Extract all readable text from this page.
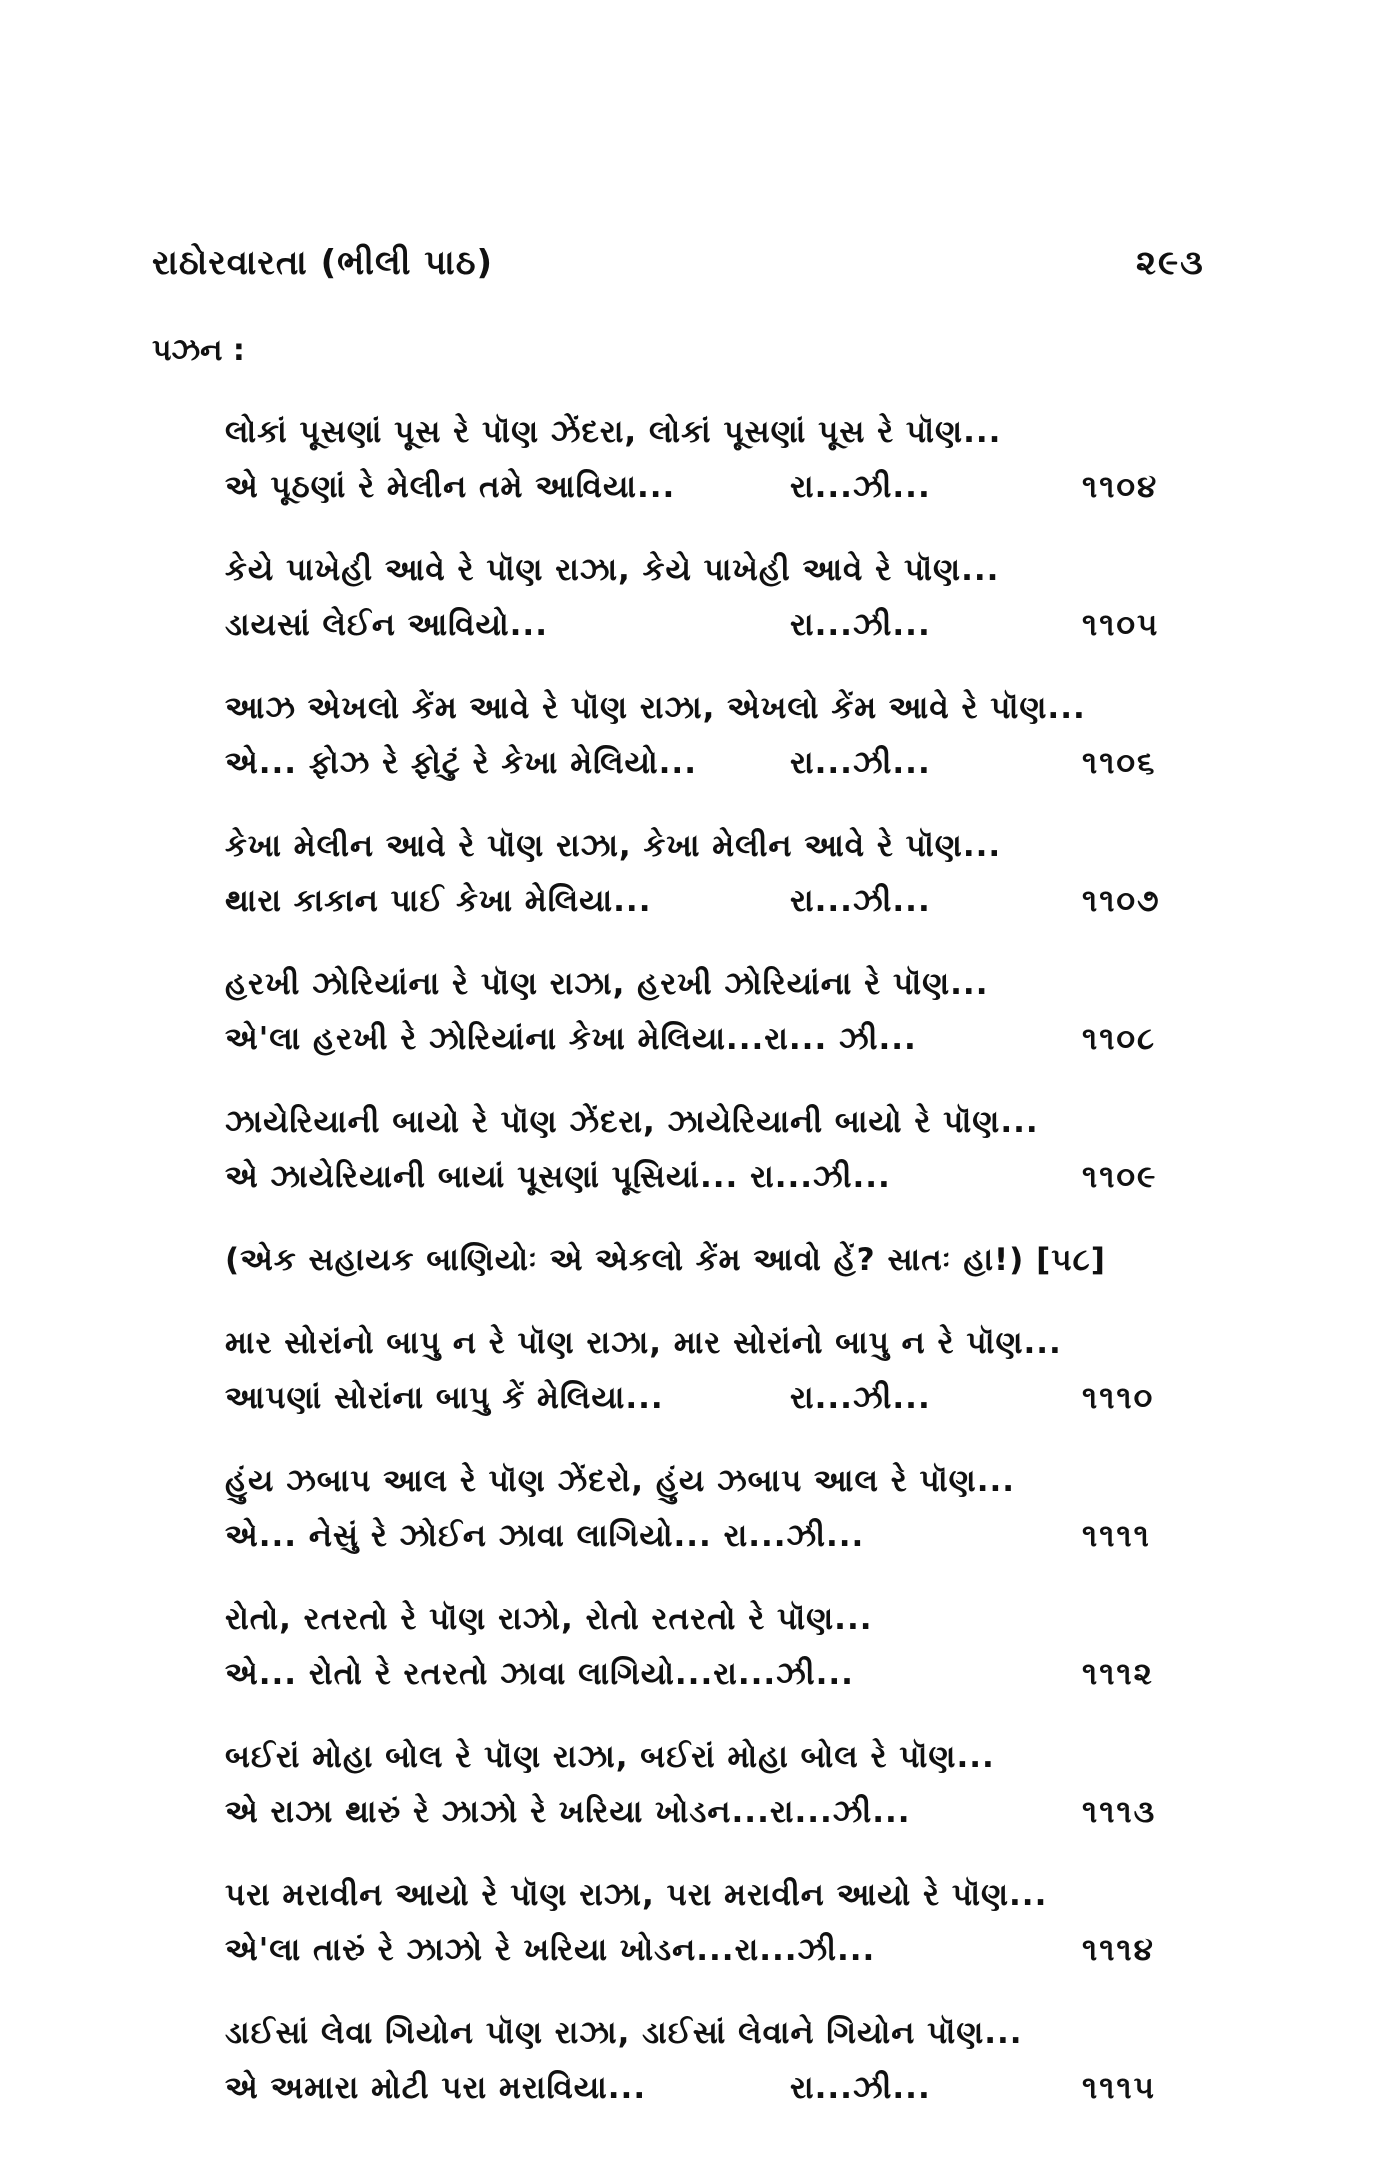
રાઠોરવારતા (ભીલી પાઠ)	૨૯૩
પઝન :
લોકાં પૂસણાં પૂસ રે પૉણ ઝેંદરા, લોકાં પૂસણાં પૂસ રે પૉણ...
એ પૂઠણાં રે મેલીન તમે આવિયા...	રા...ઝી...	૧૧૦૪
કેયે પાખેહી આવે રે પૉણ રાઝા, કેયે પાખેહી આવે રે પૉણ...
ડાયસાં લેઈન આવિયો...	રા...ઝી...	૧૧૦૫
આઝ એખલો કેંમ આવે રે પૉણ રાઝા, એખલો કેંમ આવે રે પૉણ...
એ... ફોઝ રે ફોટું રે કેખા મેલિયો...	રા...ઝી...	૧૧૦૬
કેખા મેલીન આવે રે પૉણ રાઝા, કેખા મેલીન આવે રે પૉણ...
થારા કાકાન પાઈ કેખા મેલિયા...	રા...ઝી...	૧૧૦૭
હરખી ઝોરિયાંના રે પૉણ રાઝા, હરખી ઝોરિયાંના રે પૉણ...
એ'લા હરખી રે ઝોરિયાંના કેખા મેલિયા...રા... ઝી...	૧૧૦૮
ઝાયેરિયાની બાયો રે પૉણ ઝેંદરા, ઝાયેરિયાની બાયો રે પૉણ...
એ ઝાયેરિયાની બાયાં પૂસણાં પૂસિયાં... રા...ઝી...	૧૧૦૯
(એક સહાયક બાણિયોઃ એ એકલો કેંમ આવો હેં? સાતઃ હા!) [૫૮]
માર સોરાંનો બાપુ ન રે પૉણ રાઝા, માર સોરાંનો બાપુ ન રે પૉણ...
આપણાં સોરાંના બાપુ કેં મેલિયા...	રા...ઝી...	૧૧૧૦
હુંય ઝબાપ આલ રે પૉણ ઝેંદરો, હુંય ઝબાપ આલ રે પૉણ...
એ... નેસું રે ઝોઈન ઝાવા લાગિયો... રા...ઝી...	૧૧૧૧
રોતો, રતરતો રે પૉણ રાઝો, રોતો રતરતો રે પૉણ...
એ... રોતો રે રતરતો ઝાવા લાગિયો...રા...ઝી...	૧૧૧૨
બઈરાં મોહા બોલ રે પૉણ રાઝા, બઈરાં મોહા બોલ રે પૉણ...
એ રાઝા થારું રે ઝાઝો રે ખરિયા ખોડન...રા...ઝી...	૧૧૧૩
પરા મરાવીન આયો રે પૉણ રાઝા, પરા મરાવીન આયો રે પૉણ...
એ'લા તારું રે ઝાઝો રે ખરિયા ખોડન...રા...ઝી...	૧૧૧૪
ડાઈસાં લેવા ગિયોન પૉણ રાઝા, ડાઈસાં લેવાને ગિયોન પૉણ...
એ અમારા મોટી પરા મરાવિયા...	રા...ઝી...	૧૧૧૫
